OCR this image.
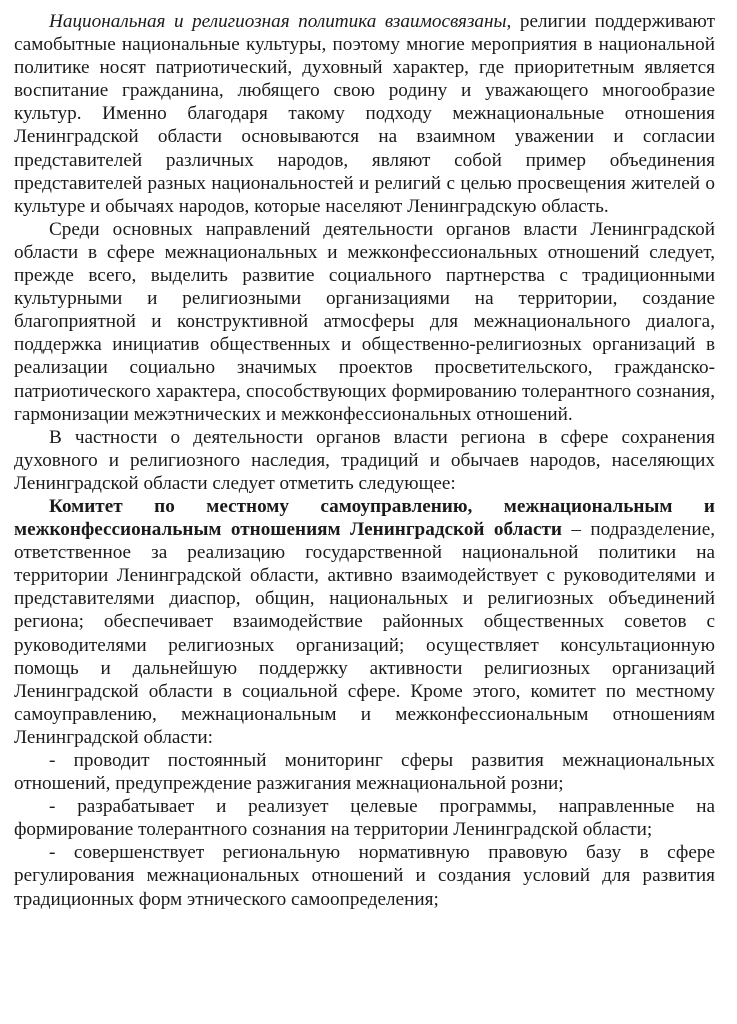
Национальная и религиозная политика взаимосвязаны, религии поддерживают самобытные национальные культуры, поэтому многие мероприятия в национальной политике носят патриотический, духовный характер, где приоритетным является воспитание гражданина, любящего свою родину и уважающего многообразие культур. Именно благодаря такому подходу межнациональные отношения Ленинградской области основываются на взаимном уважении и согласии представителей различных народов, являют собой пример объединения представителей разных национальностей и религий с целью просвещения жителей о культуре и обычаях народов, которые населяют Ленинградскую область.

Среди основных направлений деятельности органов власти Ленинградской области в сфере межнациональных и межконфессиональных отношений следует, прежде всего, выделить развитие социального партнерства с традиционными культурными и религиозными организациями на территории, создание благоприятной и конструктивной атмосферы для межнационального диалога, поддержка инициатив общественных и общественно-религиозных организаций в реализации социально значимых проектов просветительского, гражданско-патриотического характера, способствующих формированию толерантного сознания, гармонизации межэтнических и межконфессиональных отношений.

В частности о деятельности органов власти региона в сфере сохранения духовного и религиозного наследия, традиций и обычаев народов, населяющих Ленинградской области следует отметить следующее:

Комитет по местному самоуправлению, межнациональным и межконфессиональным отношениям Ленинградской области – подразделение, ответственное за реализацию государственной национальной политики на территории Ленинградской области, активно взаимодействует с руководителями и представителями диаспор, общин, национальных и религиозных объединений региона; обеспечивает взаимодействие районных общественных советов с руководителями религиозных организаций; осуществляет консультационную помощь и дальнейшую поддержку активности религиозных организаций Ленинградской области в социальной сфере. Кроме этого, комитет по местному самоуправлению, межнациональным и межконфессиональным отношениям Ленинградской области:

- проводит постоянный мониторинг сферы развития межнациональных отношений, предупреждение разжигания межнациональной розни;

- разрабатывает и реализует целевые программы, направленные на формирование толерантного сознания на территории Ленинградской области;

- совершенствует региональную нормативную правовую базу в сфере регулирования межнациональных отношений и создания условий для развития традиционных форм этнического самоопределения;
